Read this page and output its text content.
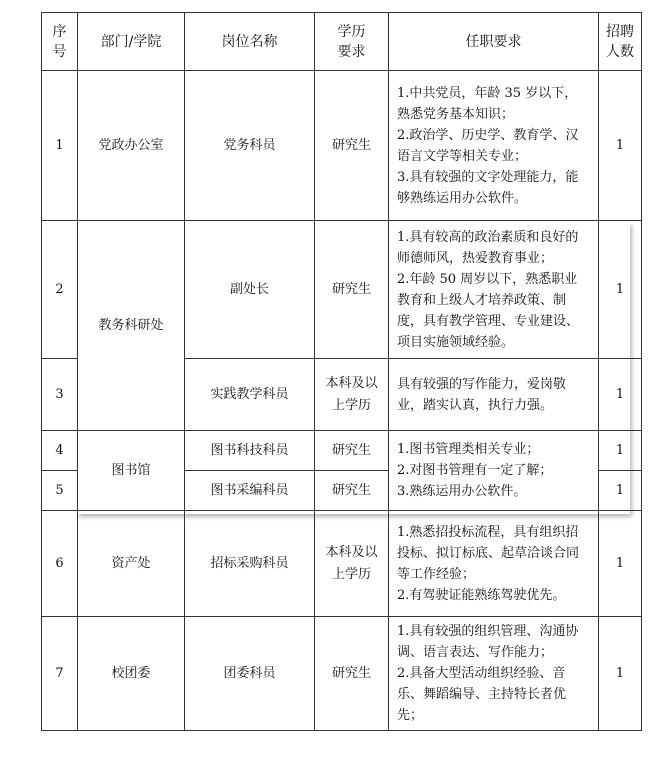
序号	部门/学院	岗位名称	学历要求	任职要求	招聘人数
1	党政办公室	党务科员	研究生	1.中共党员，年龄 35 岁以下，熟悉党务基本知识；
2.政治学、历史学、教育学、汉语言文学等相关专业；
3.具有较强的文字处理能力，能够熟练运用办公软件。	1
2	教务科研处	副处长	研究生	1.具有较高的政治素质和良好的师德师风，热爱教育事业；
2.年龄 50 周岁以下，熟悉职业教育和上级人才培养政策、制度，具有教学管理、专业建设、项目实施领域经验。	1
3		实践教学科员	本科及以上学历	具有较强的写作能力，爱岗敬业，踏实认真，执行力强。	1
4	图书馆	图书科技科员	研究生	1.图书管理类相关专业；
2.对图书管理有一定了解；
3.熟练运用办公软件。	1
5		图书采编科员	研究生		1
6	资产处	招标采购科员	本科及以上学历	1.熟悉招投标流程，具有组织招投标、拟订标底、起草洽谈合同等工作经验；
2.有驾驶证能熟练驾驶优先。	1
7	校团委	团委科员	研究生	1.具有较强的组织管理、沟通协调、语言表达、写作能力；
2.具备大型活动组织经验、音乐、舞蹈编导、主持特长者优先；	1
